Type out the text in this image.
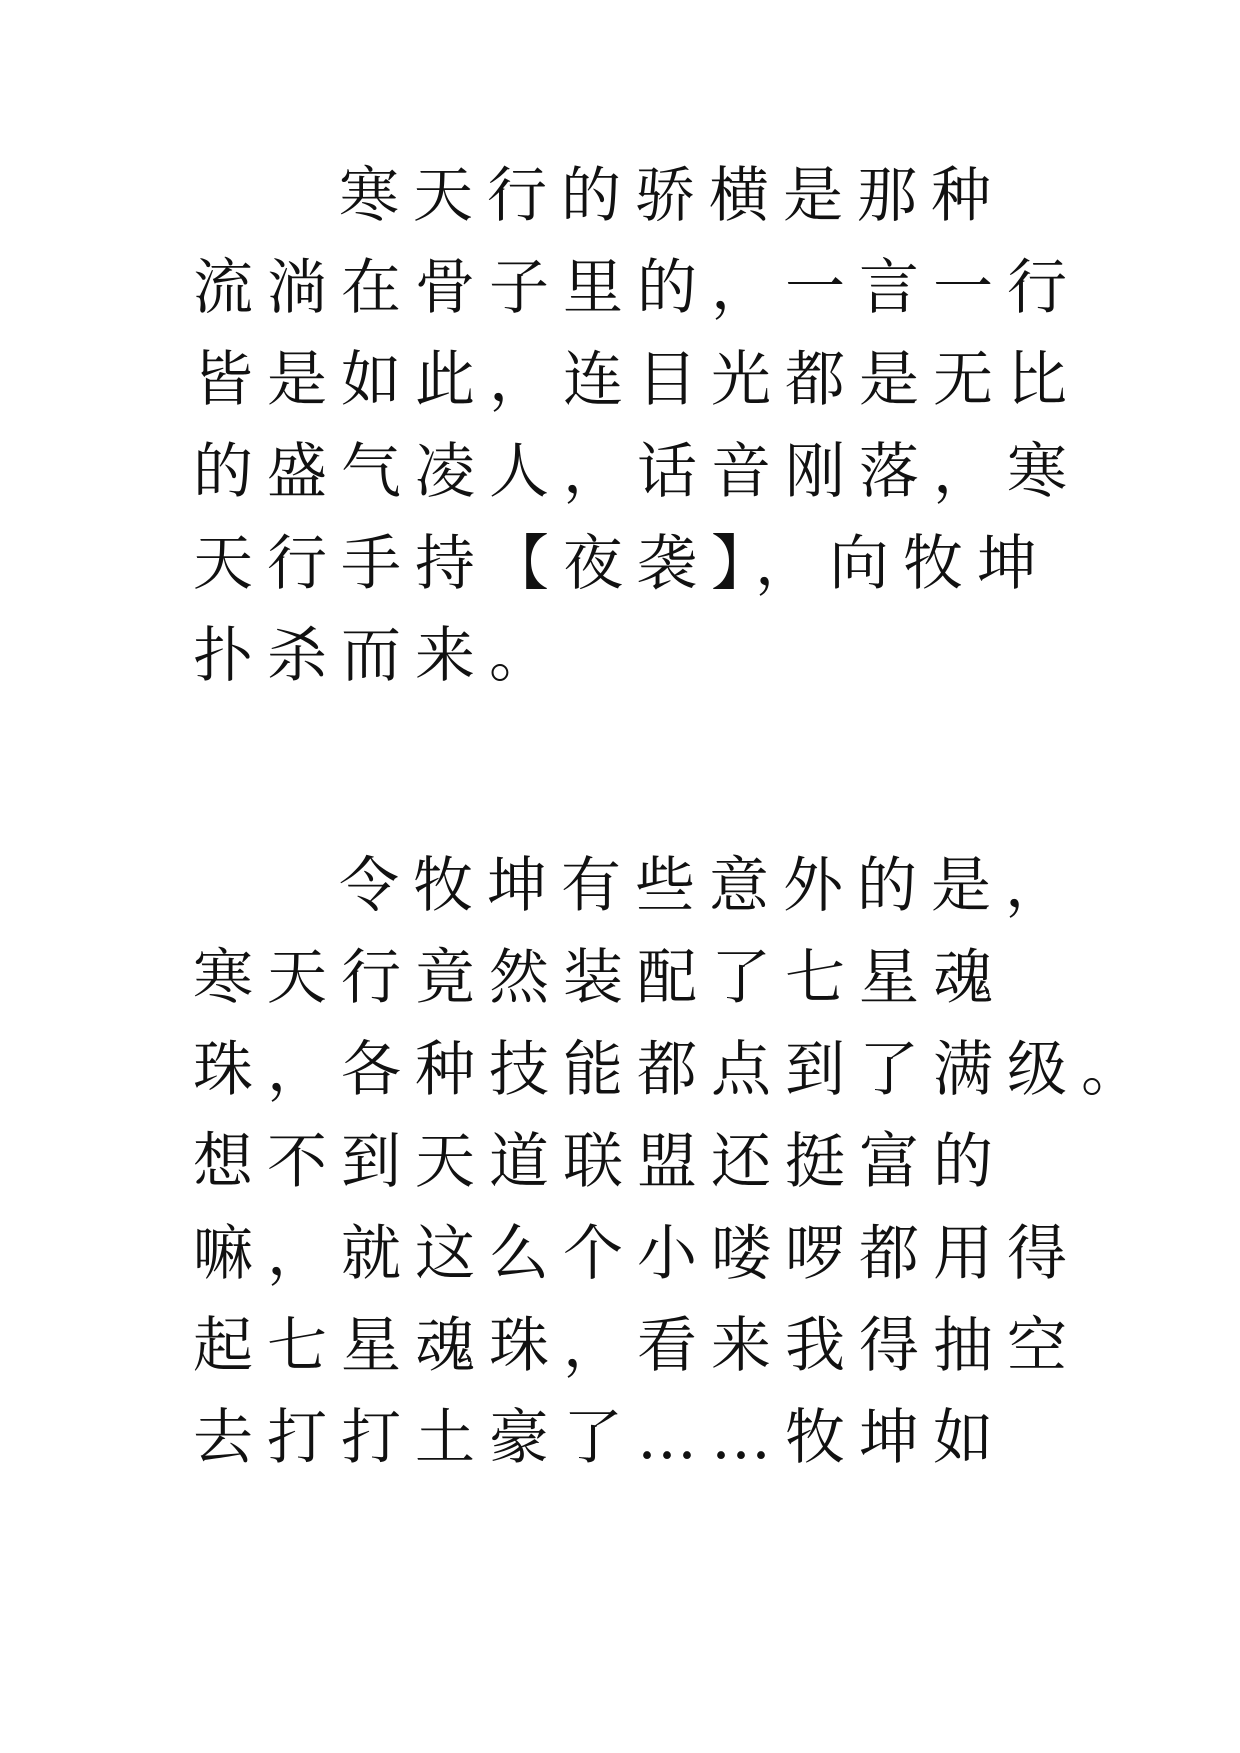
寒天行的骄横是那种
流淌在骨子里的，一言一行
皆是如此，连目光都是无比
的盛气凌人，话音刚落，寒
天行手持【夜袭】，向牧坤
扑杀而来。
令牧坤有些意外的是，
寒天行竟然装配了七星魂
珠，各种技能都点到了满级。
想不到天道联盟还挺富的
嘛，就这么个小喽啰都用得
起七星魂珠，看来我得抽空
去打打土豪了……牧坤如
